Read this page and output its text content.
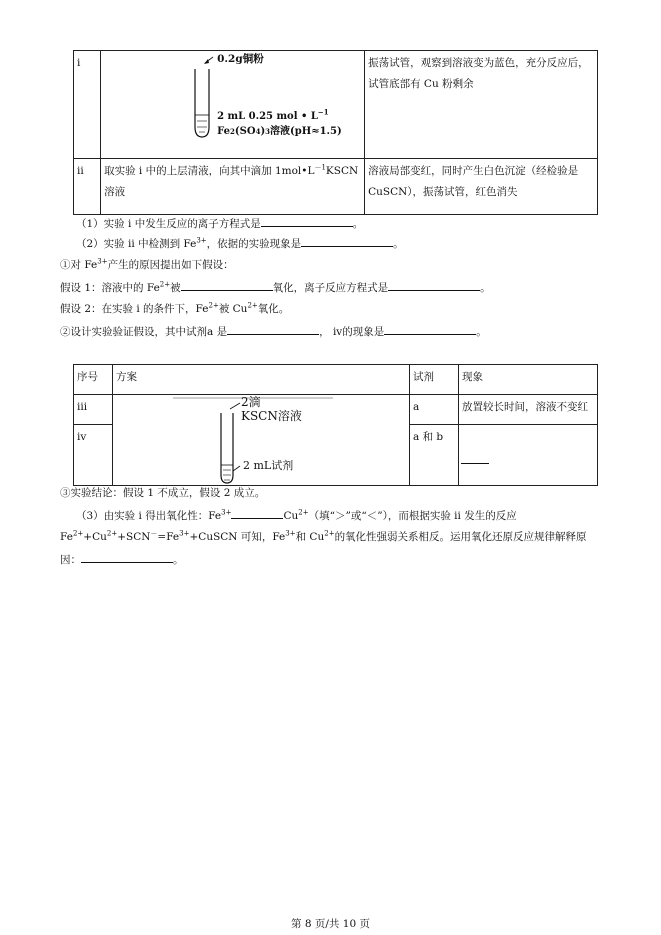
i	0.2g铜粉
2 mL 0.25 mol • $L^{-1}$
Fe2(SO4)3溶液(pH≈1.5)	振荡试管，观察到溶液变为蓝色，充分反应后，试管底部有 Cu 粉剩余
ii	取实验 i 中的上层清液，向其中滴加 $1mol•L^{-1}KSCN$
溶液	溶液局部变红，同时产生白色沉淀（经检验是 CuSCN），振荡试管，红色消失
（1）实验 i 中发生反应的离子方程式是	。
（2）实验 ii 中检测到 $Fe^{3+}$，依据的实验现象是	。
①对 $Fe^{3+}$产生的原因提出如下假设：
假设 1：溶液中的 $Fe^{2+}$被	氧化，离子反应方程式是	。
假设 2：在实验 i 的条件下，$Fe^{2+}$被 $Cu^{2+}$氧化。
②设计实验验证假设，其中试剂a 是	， iv的现象是	。
序号	方案	试剂	现象
iii	2滴
KSCN溶液
2 mL试剂	a	放置较长时间，溶液不变红
iv		a 和 b	
③实验结论：假设 1 不成立，假设 2 成立。
（3）由实验 i 得出氧化性：$Fe^{3+}$	$Cu^{2+}$（填“＞”或“＜”），而根据实验 ii 发生的反应
$Fe^{2+}+Cu^{2+}+SCN^-=Fe^{3+}+CuSCN$ 可知，$Fe^{3+}$和 $Cu^{2+}$的氧化性强弱关系相反。运用氧化还原反应规律解释原
因：	。
第 8 页/共 10 页
